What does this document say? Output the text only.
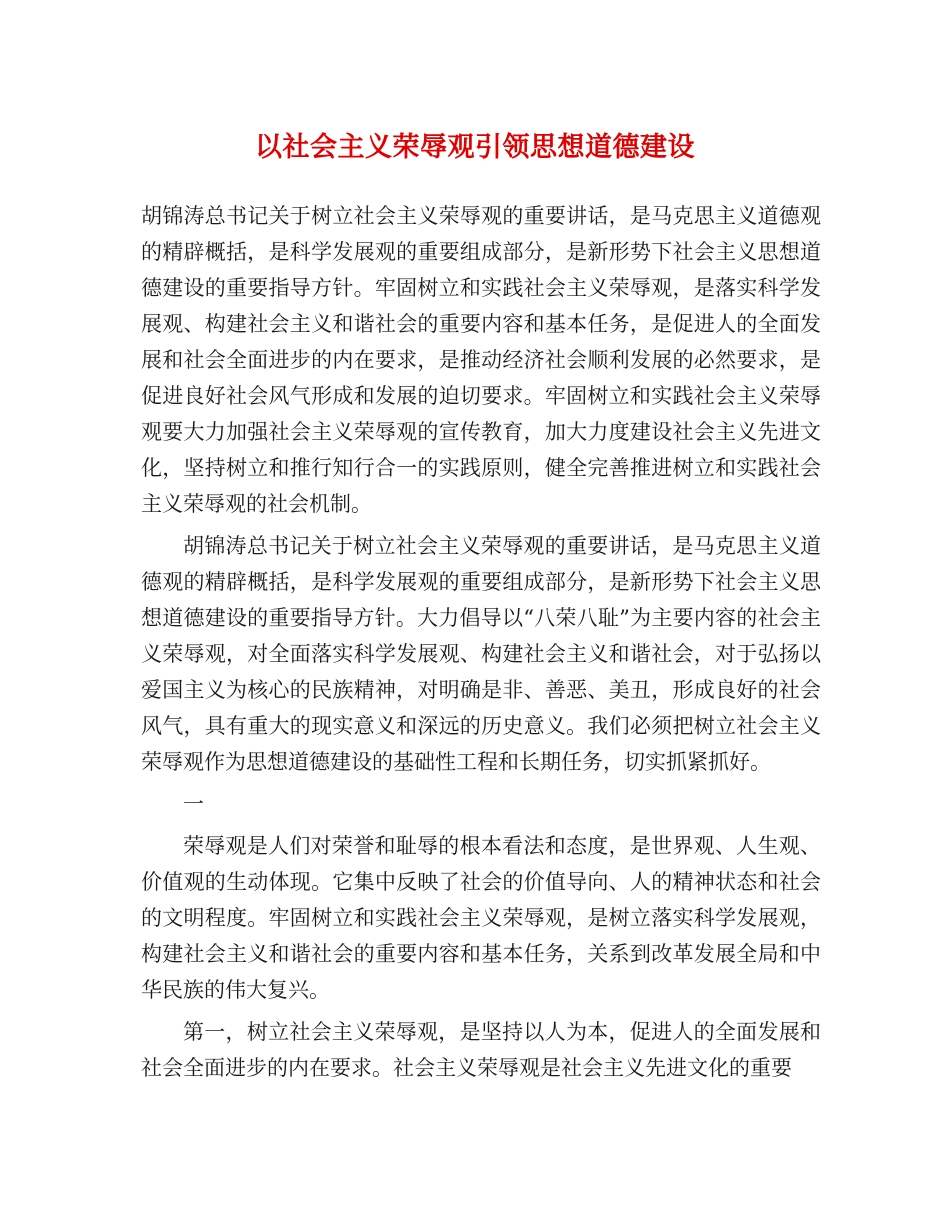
以社会主义荣辱观引领思想道德建设

胡锦涛总书记关于树立社会主义荣辱观的重要讲话，是马克思主义道德观的精辟概括，是科学发展观的重要组成部分，是新形势下社会主义思想道德建设的重要指导方针。牢固树立和实践社会主义荣辱观，是落实科学发展观、构建社会主义和谐社会的重要内容和基本任务，是促进人的全面发展和社会全面进步的内在要求，是推动经济社会顺利发展的必然要求，是促进良好社会风气形成和发展的迫切要求。牢固树立和实践社会主义荣辱观要大力加强社会主义荣辱观的宣传教育，加大力度建设社会主义先进文化，坚持树立和推行知行合一的实践原则，健全完善推进树立和实践社会主义荣辱观的社会机制。

胡锦涛总书记关于树立社会主义荣辱观的重要讲话，是马克思主义道德观的精辟概括，是科学发展观的重要组成部分，是新形势下社会主义思想道德建设的重要指导方针。大力倡导以“八荣八耻”为主要内容的社会主义荣辱观，对全面落实科学发展观、构建社会主义和谐社会，对于弘扬以爱国主义为核心的民族精神，对明确是非、善恶、美丑，形成良好的社会风气，具有重大的现实意义和深远的历史意义。我们必须把树立社会主义荣辱观作为思想道德建设的基础性工程和长期任务，切实抓紧抓好。

一

荣辱观是人们对荣誉和耻辱的根本看法和态度，是世界观、人生观、价值观的生动体现。它集中反映了社会的价值导向、人的精神状态和社会的文明程度。牢固树立和实践社会主义荣辱观，是树立落实科学发展观，构建社会主义和谐社会的重要内容和基本任务，关系到改革发展全局和中华民族的伟大复兴。

第一，树立社会主义荣辱观，是坚持以人为本，促进人的全面发展和社会全面进步的内在要求。社会主义荣辱观是社会主义先进文化的重要
